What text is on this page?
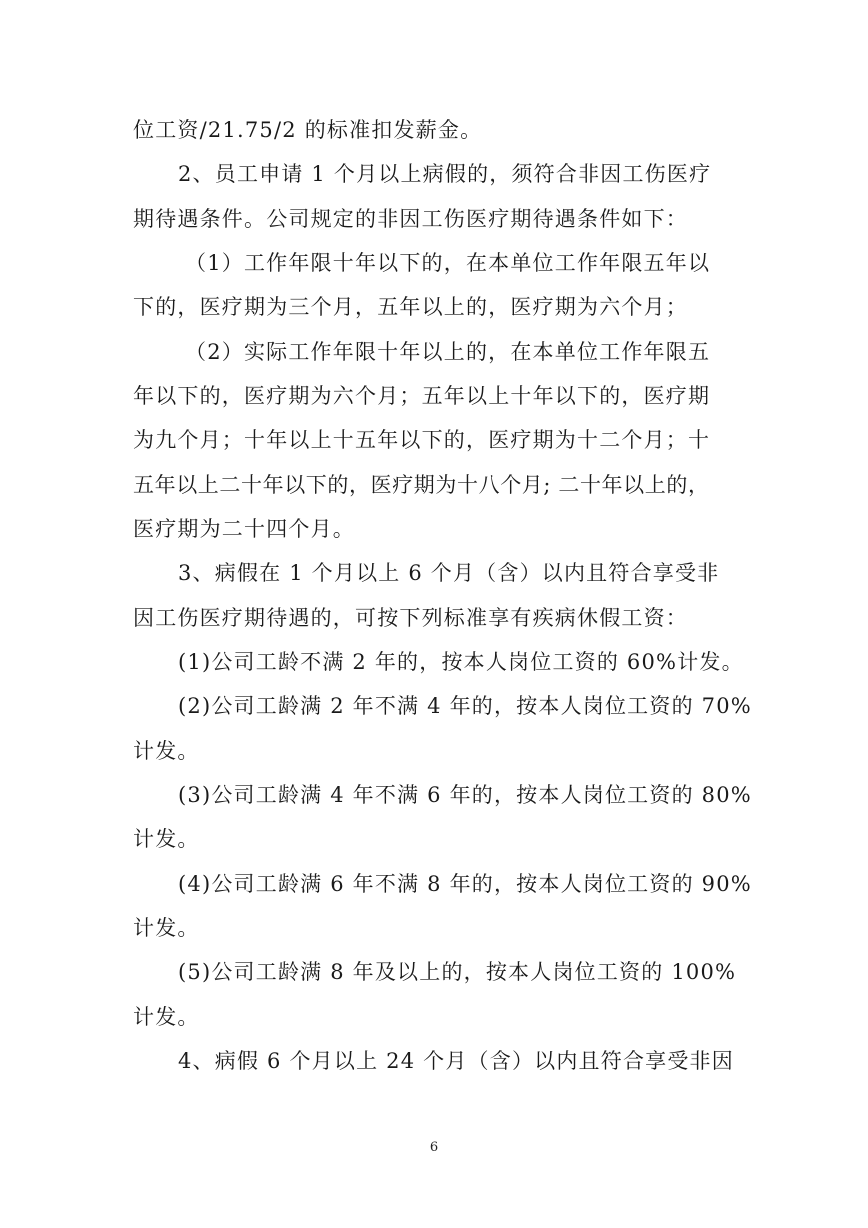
位工资/21.75/2 的标准扣发薪金。
2、员工申请 1 个月以上病假的，须符合非因工伤医疗
期待遇条件。公司规定的非因工伤医疗期待遇条件如下：
（1）工作年限十年以下的，在本单位工作年限五年以
下的，医疗期为三个月，五年以上的，医疗期为六个月；
（2）实际工作年限十年以上的，在本单位工作年限五
年以下的，医疗期为六个月；五年以上十年以下的，医疗期
为九个月；十年以上十五年以下的，医疗期为十二个月；十
五年以上二十年以下的，医疗期为十八个月; 二十年以上的，
医疗期为二十四个月。
3、病假在 1 个月以上 6 个月（含）以内且符合享受非
因工伤医疗期待遇的，可按下列标准享有疾病休假工资：
(1)公司工龄不满 2 年的，按本人岗位工资的 60%计发。
(2)公司工龄满 2 年不满 4 年的，按本人岗位工资的 70%
计发。
(3)公司工龄满 4 年不满 6 年的，按本人岗位工资的 80%
计发。
(4)公司工龄满 6 年不满 8 年的，按本人岗位工资的 90%
计发。
(5)公司工龄满 8 年及以上的，按本人岗位工资的 100%
计发。
4、病假 6 个月以上 24 个月（含）以内且符合享受非因
6
